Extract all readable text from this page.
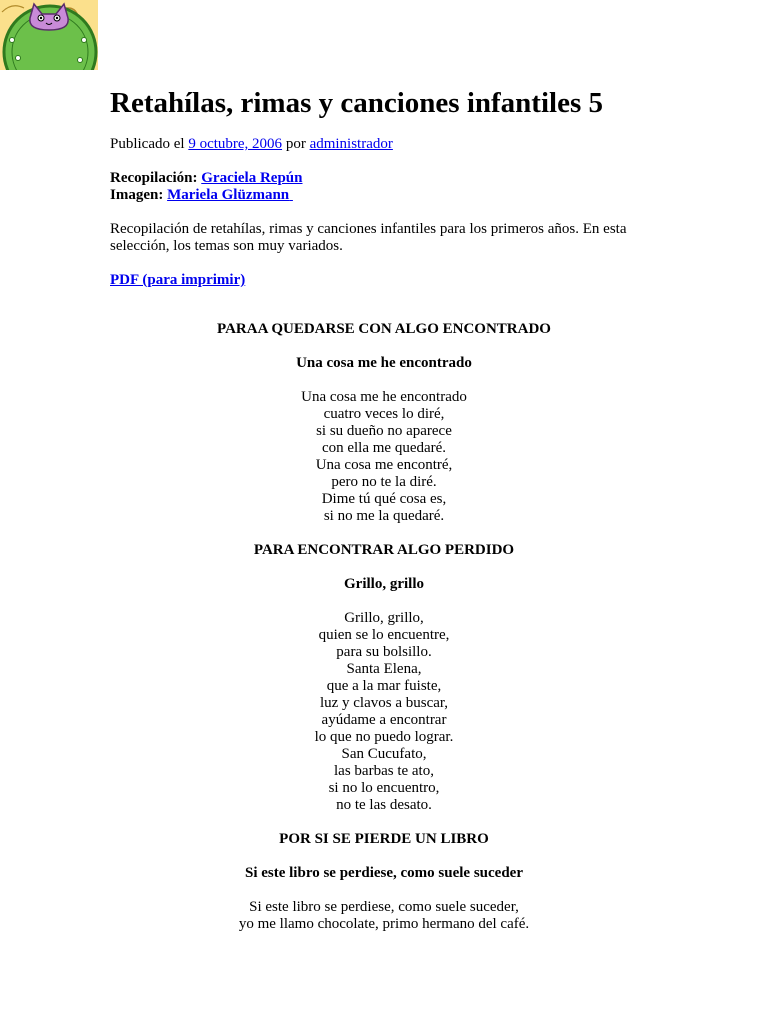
Retahílas, rimas y canciones infantiles 5

Publicado el 9 octubre, 2006 por administrador

Recopilación: Graciela Repún
Imagen: Mariela Glüzmann

Recopilación de retahílas, rimas y canciones infantiles para los primeros años. En esta selección, los temas son muy variados.

PDF (para imprimir)

PARAA QUEDARSE CON ALGO ENCONTRADO
Una cosa me he encontrado
Una cosa me he encontrado
cuatro veces lo diré,
si su dueño no aparece
con ella me quedaré.
Una cosa me encontré,
pero no te la diré.
Dime tú qué cosa es,
si no me la quedaré.
PARA ENCONTRAR ALGO PERDIDO
Grillo, grillo
Grillo, grillo,
quien se lo encuentre,
para su bolsillo.
Santa Elena,
que a la mar fuiste,
luz y clavos a buscar,
ayúdame a encontrar
lo que no puedo lograr.
San Cucufato,
las barbas te ato,
si no lo encuentro,
no te las desato.
POR SI SE PIERDE UN LIBRO
Si este libro se perdiese, como suele suceder
Si este libro se perdiese, como suele suceder,
yo me llamo chocolate, primo hermano del café.
